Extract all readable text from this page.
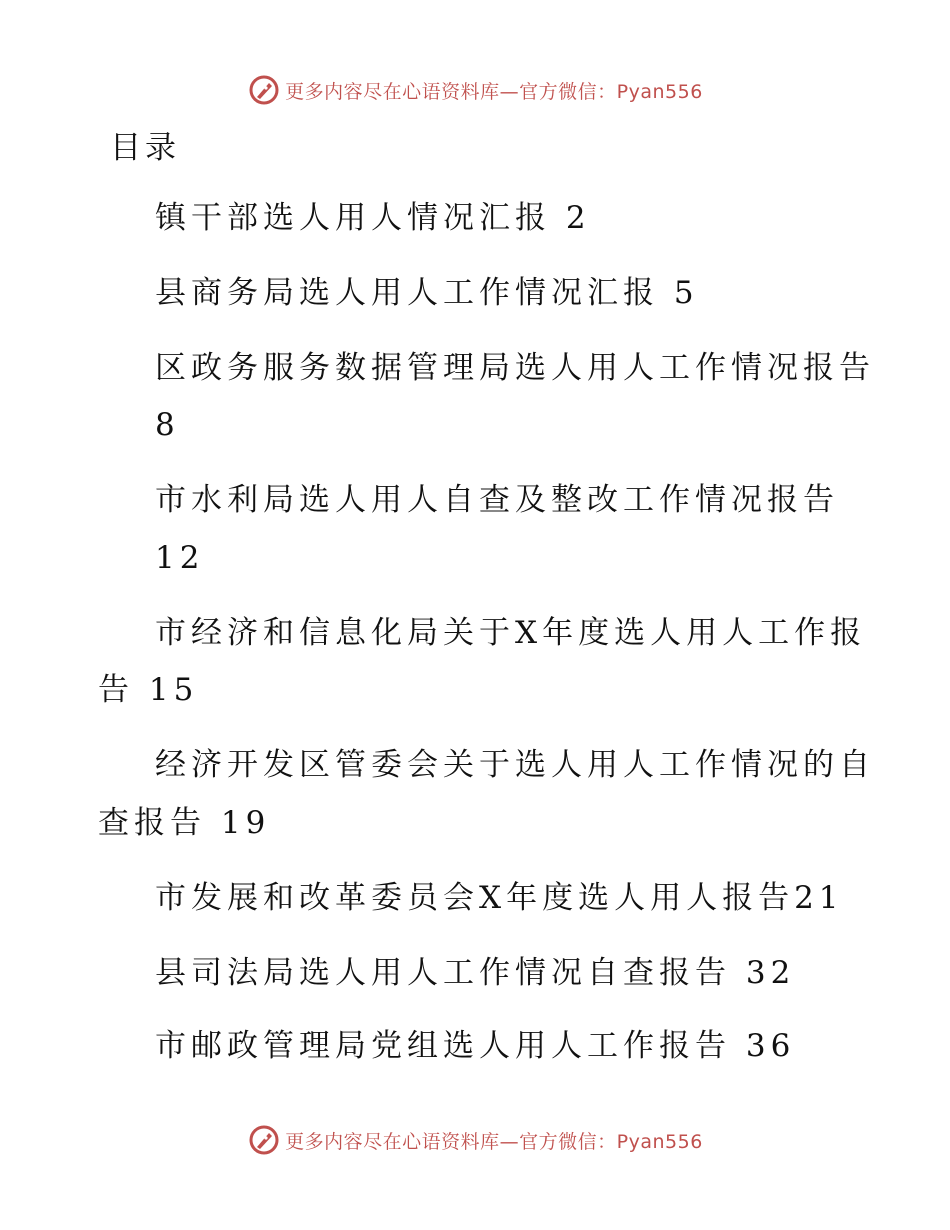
更多内容尽在心语资料库—官方微信：Pyan556
目录
镇干部选人用人情况汇报 2
县商务局选人用人工作情况汇报 5
区政务服务数据管理局选人用人工作情况报告
8
市水利局选人用人自查及整改工作情况报告
12
市经济和信息化局关于X年度选人用人工作报
告 15
经济开发区管委会关于选人用人工作情况的自
查报告 19
市发展和改革委员会X年度选人用人报告21
县司法局选人用人工作情况自查报告 32
市邮政管理局党组选人用人工作报告 36
更多内容尽在心语资料库—官方微信：Pyan556
